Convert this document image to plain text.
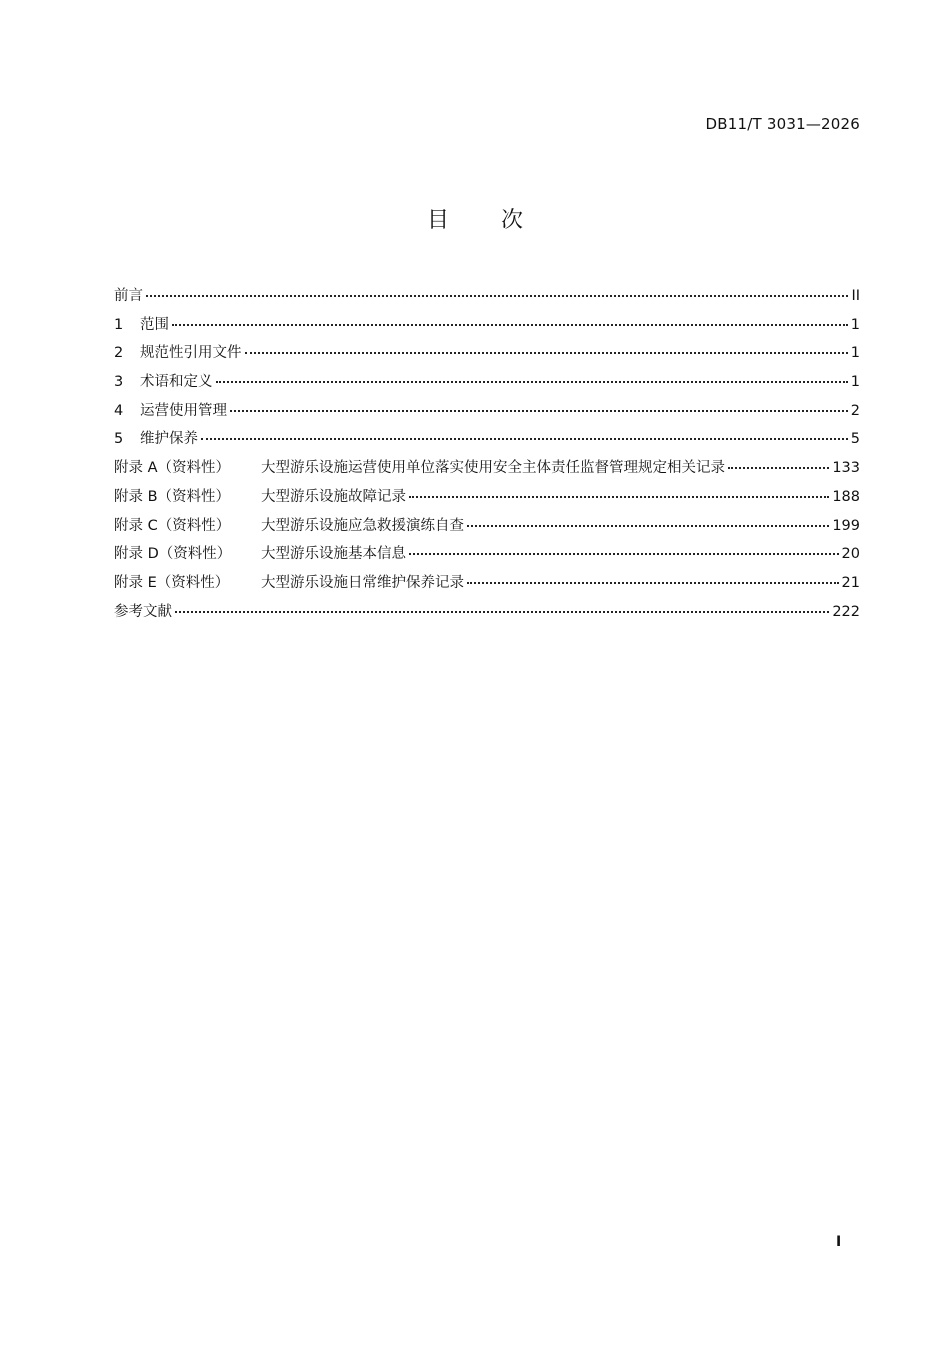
DB11/T 3031—2026
目 次
前言	II
1 范围	1
2 规范性引用文件	1
3 术语和定义	1
4 运营使用管理	2
5 维护保养	5
附录 A（资料性） 大型游乐设施运营使用单位落实使用安全主体责任监督管理规定相关记录	133
附录 B（资料性） 大型游乐设施故障记录	188
附录 C（资料性） 大型游乐设施应急救援演练自查	199
附录 D（资料性） 大型游乐设施基本信息	20
附录 E（资料性） 大型游乐设施日常维护保养记录	21
参考文献	222
I
